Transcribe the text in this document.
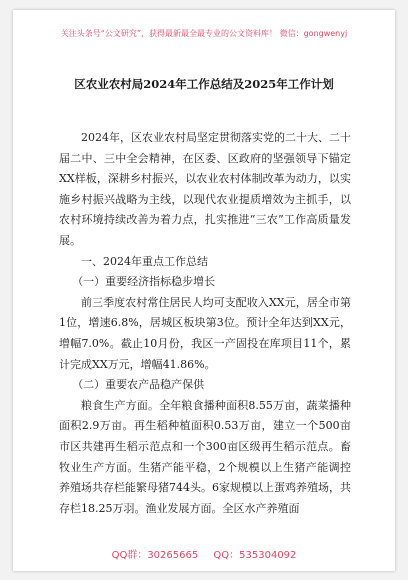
关注头条号“公文研究”，获得最新最全最专业的公文资料库！ 微信：gongwenyj
区农业农村局2024年工作总结及2025年工作计划

2024年，区农业农村局坚定贯彻落实党的二十大、二十届二中、三中全会精神，在区委、区政府的坚强领导下锚定XX样板，深耕乡村振兴，以农业农村体制改革为动力，以实施乡村振兴战略为主线，以现代农业提质增效为主抓手，以农村环境持续改善为着力点，扎实推进“三农”工作高质量发展。

一、2024年重点工作总结

（一）重要经济指标稳步增长

前三季度农村常住居民人均可支配收入XX元，居全市第1位，增速6.8%，居城区板块第3位。预计全年达到XX元，增幅7.0%。截止10月份，我区一产固投在库项目11个，累计完成XX万元，增幅41.86%。

（二）重要农产品稳产保供

粮食生产方面。全年粮食播种面积8.55万亩，蔬菜播种面积2.9万亩。再生稻种植面积0.53万亩，建立一个500亩市区共建再生稻示范点和一个300亩区级再生稻示范点。畜牧业生产方面。生猪产能平稳，2个规模以上生猪产能调控养殖场共存栏能繁母猪744头。6家规模以上蛋鸡养殖场，共存栏18.25万羽。渔业发展方面。全区水产养殖面

QQ群：30265665 QQ：535304092
